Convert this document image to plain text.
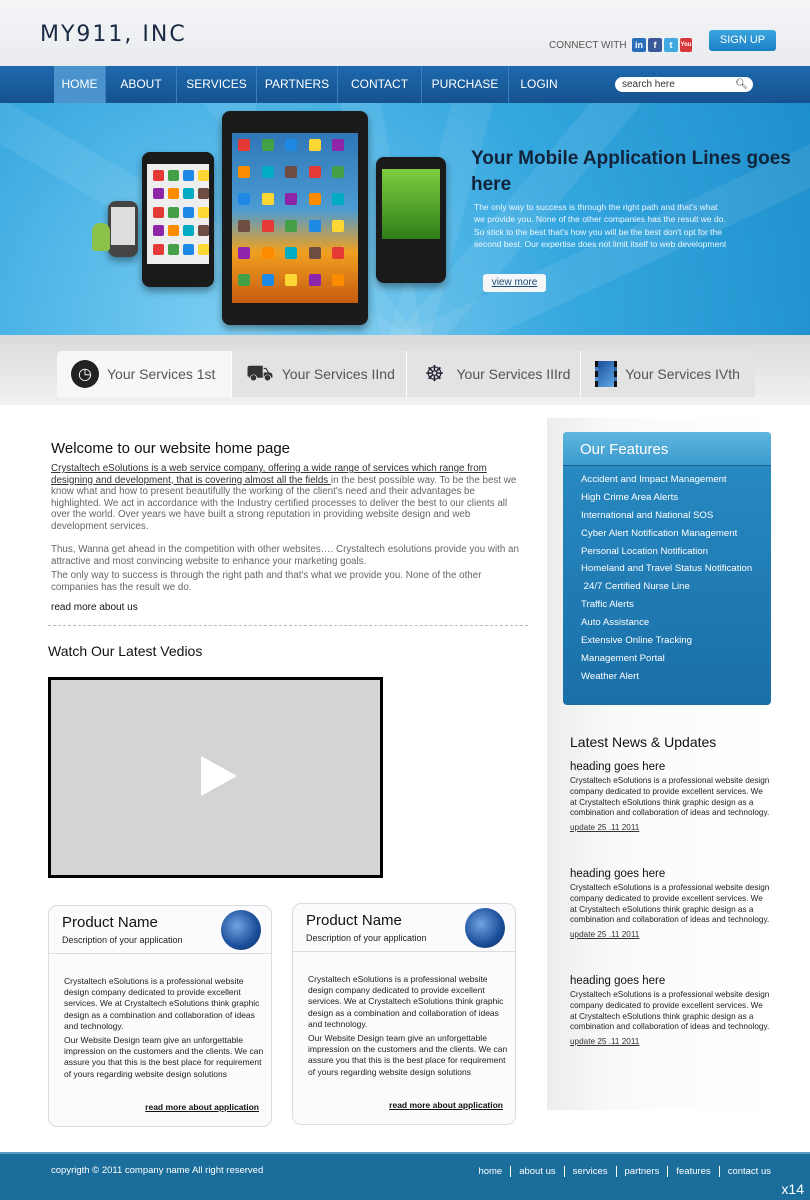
MY911, INC	CONNECT WITH in	f	t	You	SIGN UP
HOME	ABOUT	SERVICES	PARTNERS	CONTACT	PURCHASE	LOGIN	search here	🔍︎
Your Mobile Application Lines goes here
The only way to success is through the right path and that's what we provide you. None of the other companies has the result we do. So stick to the best that's how you will be the best don't opt for the second best. Our expertise does not limit itself to web development
view more
◷	Your Services 1st ⛟ Your Services IInd ☸ Your Services IIIrd	Your Services IVth
Welcome to our website home page
Crystaltech eSolutions is a web service company, offering a wide range of services which range from designing and development, that is covering almost all the fields in the best possible way. To be the best we know what and how to present beautifully the working of the client's need and their advantages be highlighted. We act in accordance with the Industry certified processes to deliver the best to our clients all over the world. Over years we have built a strong reputation in providing website design and web development services.
Thus, Wanna get ahead in the competition with other websites…. Crystaltech esolutions provide you with an attractive and most convincing website to enhance your marketing goals.
The only way to success is through the right path and that's what we provide you. None of the other companies has the result we do.
read more about us
Watch Our Latest Vedios
Product Name
Description of your application

Crystaltech eSolutions is a professional website design company dedicated to provide excellent services. We at Crystaltech eSolutions think graphic design as a combination and collaboration of ideas and technology.

Our Website Design team give an unforgettable impression on the customers and the clients. We can assure you that this is the best place for requirement of yours regarding website design solutions

read more about application
Product Name
Description of your application

Crystaltech eSolutions is a professional website design company dedicated to provide excellent services. We at Crystaltech eSolutions think graphic design as a combination and collaboration of ideas and technology.

Our Website Design team give an unforgettable impression on the customers and the clients. We can assure you that this is the best place for requirement of yours regarding website design solutions

read more about application
Our Features
Accident and Impact Management
High Crime Area Alerts
International and National SOS
Cyber Alert Notification Management
Personal Location Notification
Homeland and Travel Status Notification
24/7 Certified Nurse Line
Traffic Alerts
Auto Assistance
Extensive Online Tracking
Management Portal
Weather Alert
Latest News & Updates
heading goes here
Crystaltech eSolutions is a professional website design company dedicated to provide excellent services. We at Crystaltech eSolutions think graphic design as a combination and collaboration of ideas and technology.
update 25 .11 2011
heading goes here
Crystaltech eSolutions is a professional website design company dedicated to provide excellent services. We at Crystaltech eSolutions think graphic design as a combination and collaboration of ideas and technology.
update 25 .11 2011
heading goes here
Crystaltech eSolutions is a professional website design company dedicated to provide excellent services. We at Crystaltech eSolutions think graphic design as a combination and collaboration of ideas and technology.
update 25 .11 2011
copyrigth © 2011 company name All right reserved	home	about us	services	partners	features	contact us
x14
